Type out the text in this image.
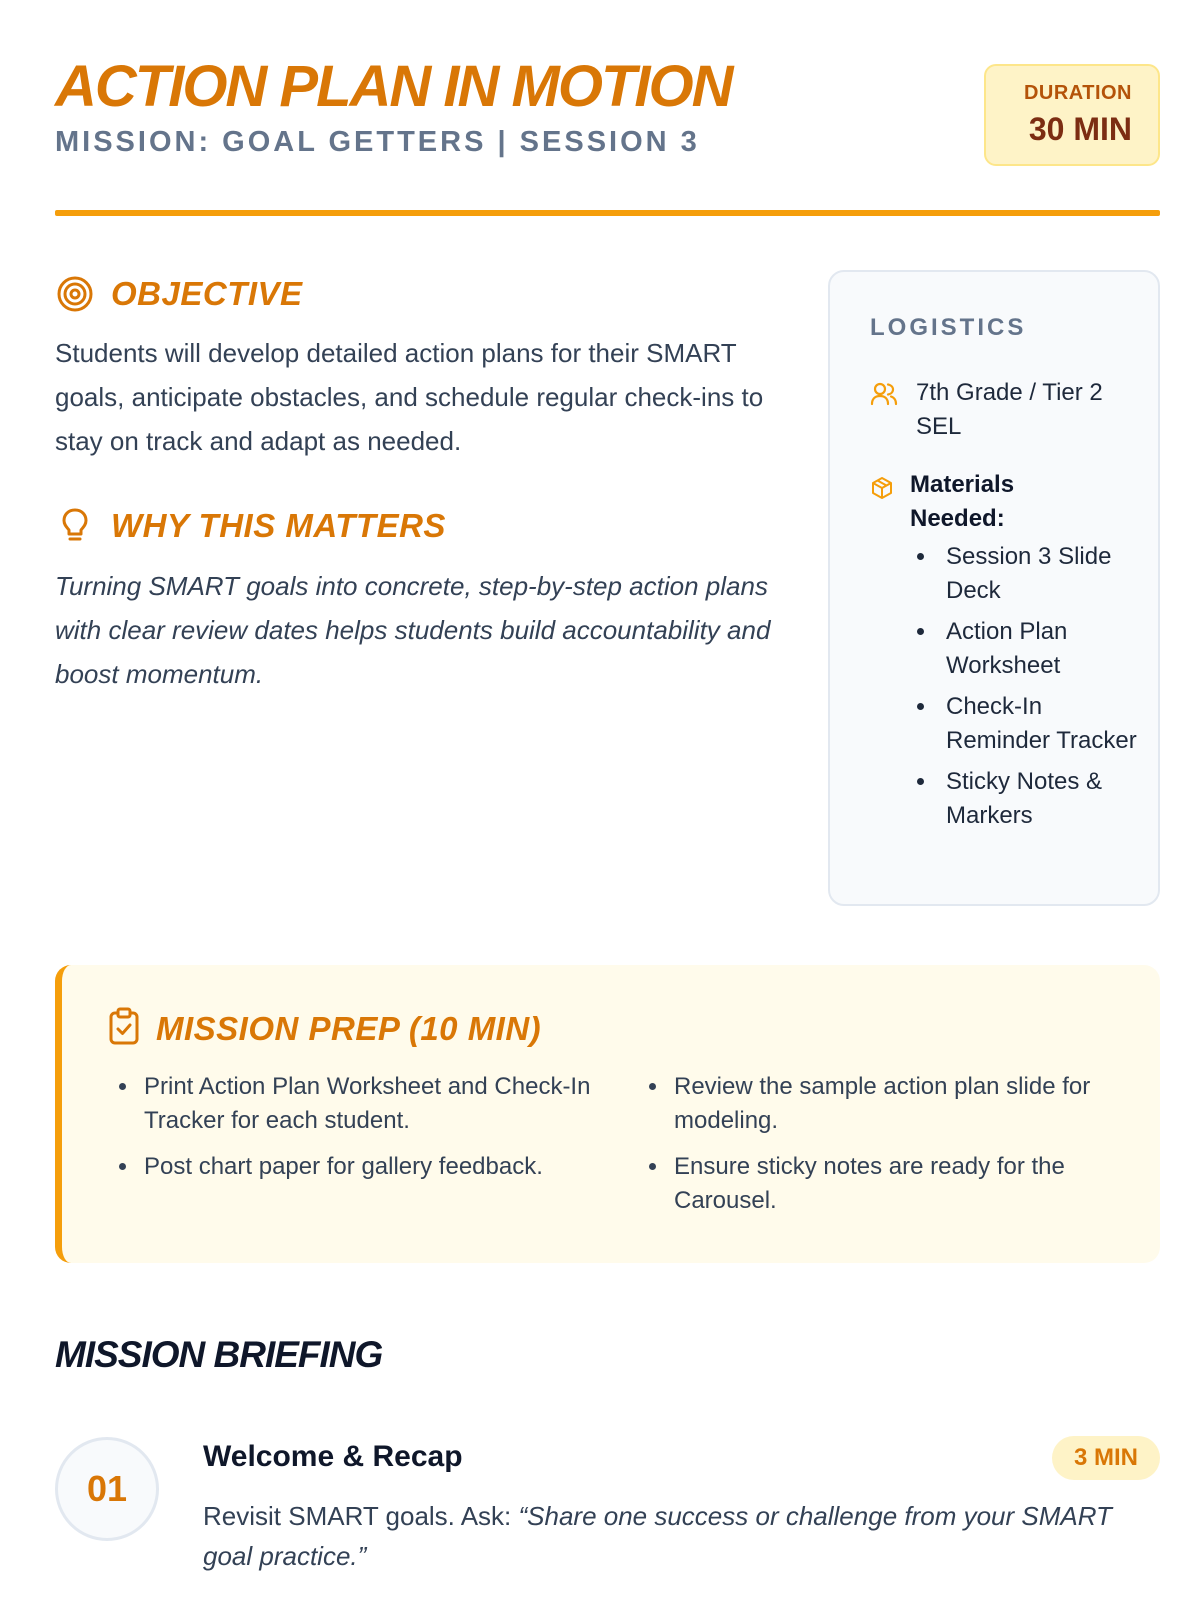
ACTION PLAN IN MOTION
MISSION: GOAL GETTERS | SESSION 3
DURATION
30 MIN
OBJECTIVE

Students will develop detailed action plans for their SMART goals, anticipate obstacles, and schedule regular check-ins to stay on track and adapt as needed.

WHY THIS MATTERS

Turning SMART goals into concrete, step-by-step action plans with clear review dates helps students build accountability and boost momentum.

LOGISTICS
7th Grade / Tier 2 SEL
Materials Needed:
• Session 3 Slide Deck
• Action Plan Worksheet
• Check-In Reminder Tracker
• Sticky Notes & Markers
MISSION PREP (10 MIN)
• Print Action Plan Worksheet and Check-In Tracker for each student.
• Post chart paper for gallery feedback.
• Review the sample action plan slide for modeling.
• Ensure sticky notes are ready for the Carousel.
MISSION BRIEFING
01
Welcome & Recap	3 MIN

Revisit SMART goals. Ask: “Share one success or challenge from your SMART goal practice.”
